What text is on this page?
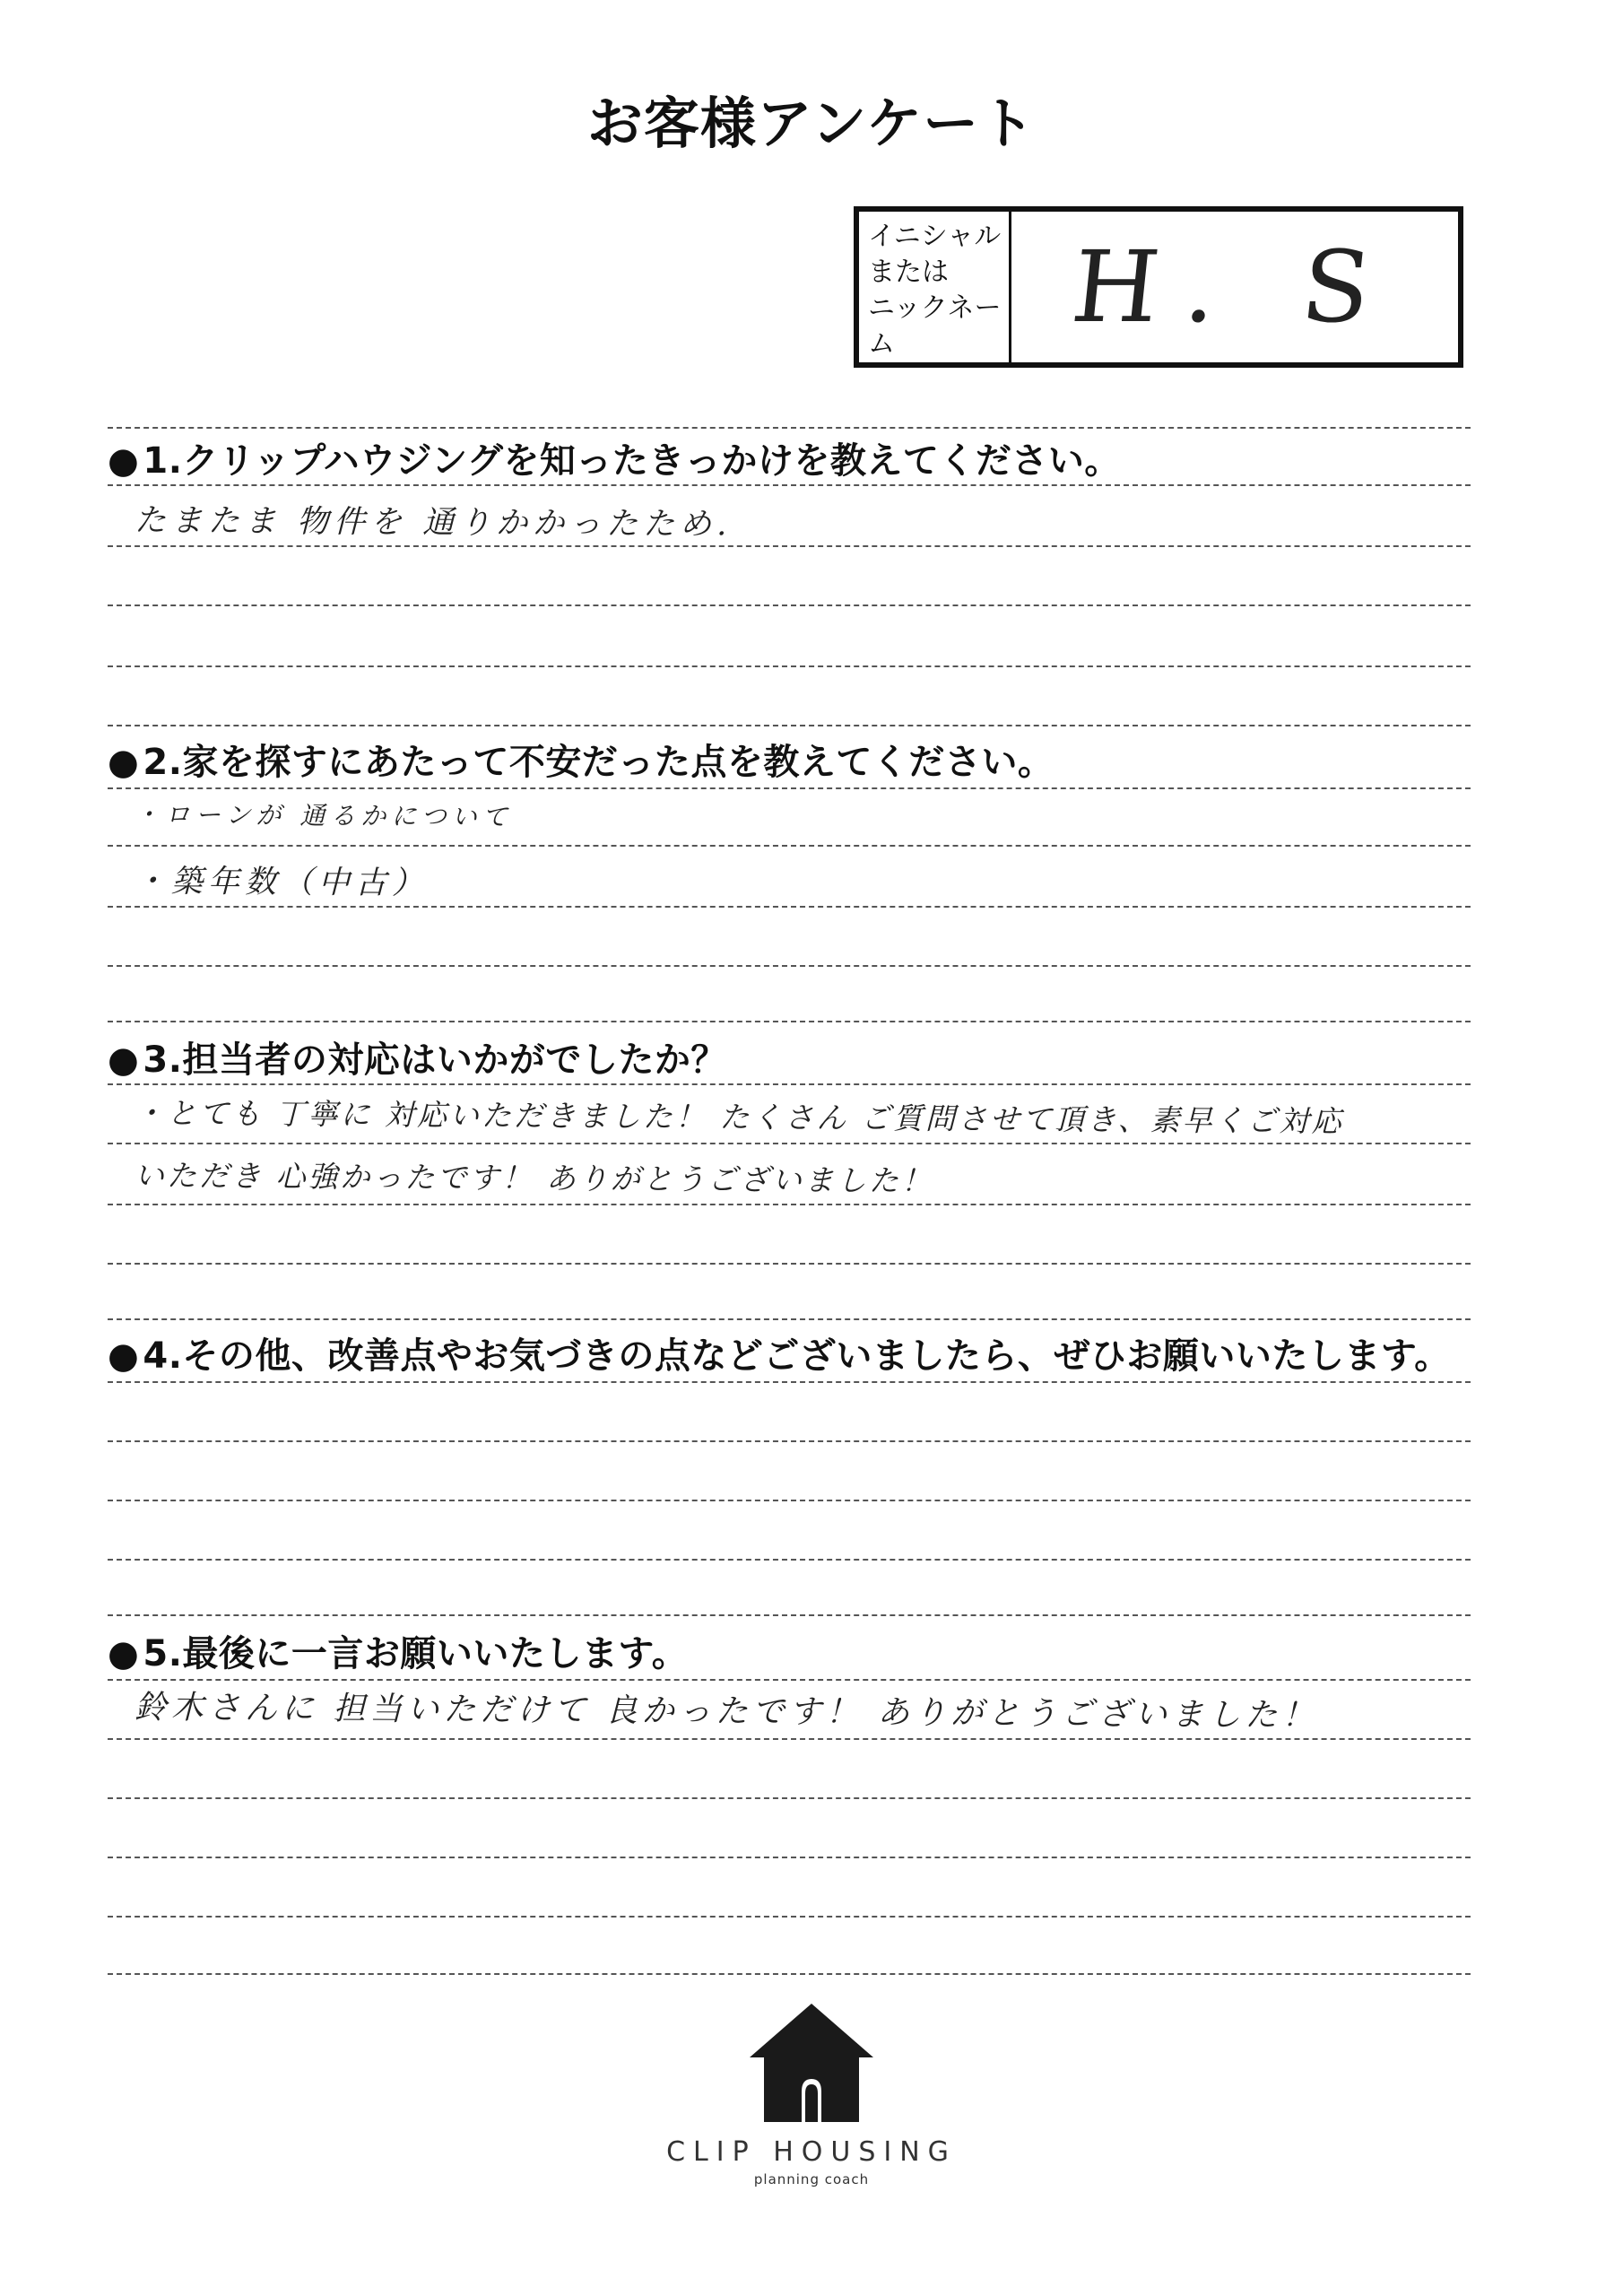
お客様アンケート
イニシャル
または
ニックネー
ム	H. S
● 1.クリップハウジングを知ったきっかけを教えてください。
たまたま 物件を 通りかかったため.
● 2.家を探すにあたって不安だった点を教えてください。
・ローンが 通るかについて
・築年数（中古）
● 3.担当者の対応はいかがでしたか？
・とても 丁寧に 対応いただきました！ たくさん ご質問させて頂き、素早くご対応
いただき 心強かったです！ ありがとうございました！
● 4.その他、改善点やお気づきの点などございましたら、ぜひお願いいたします。
● 5.最後に一言お願いいたします。
鈴木さんに 担当いただけて 良かったです！ ありがとうございました！
CLIP HOUSING
planning coach
